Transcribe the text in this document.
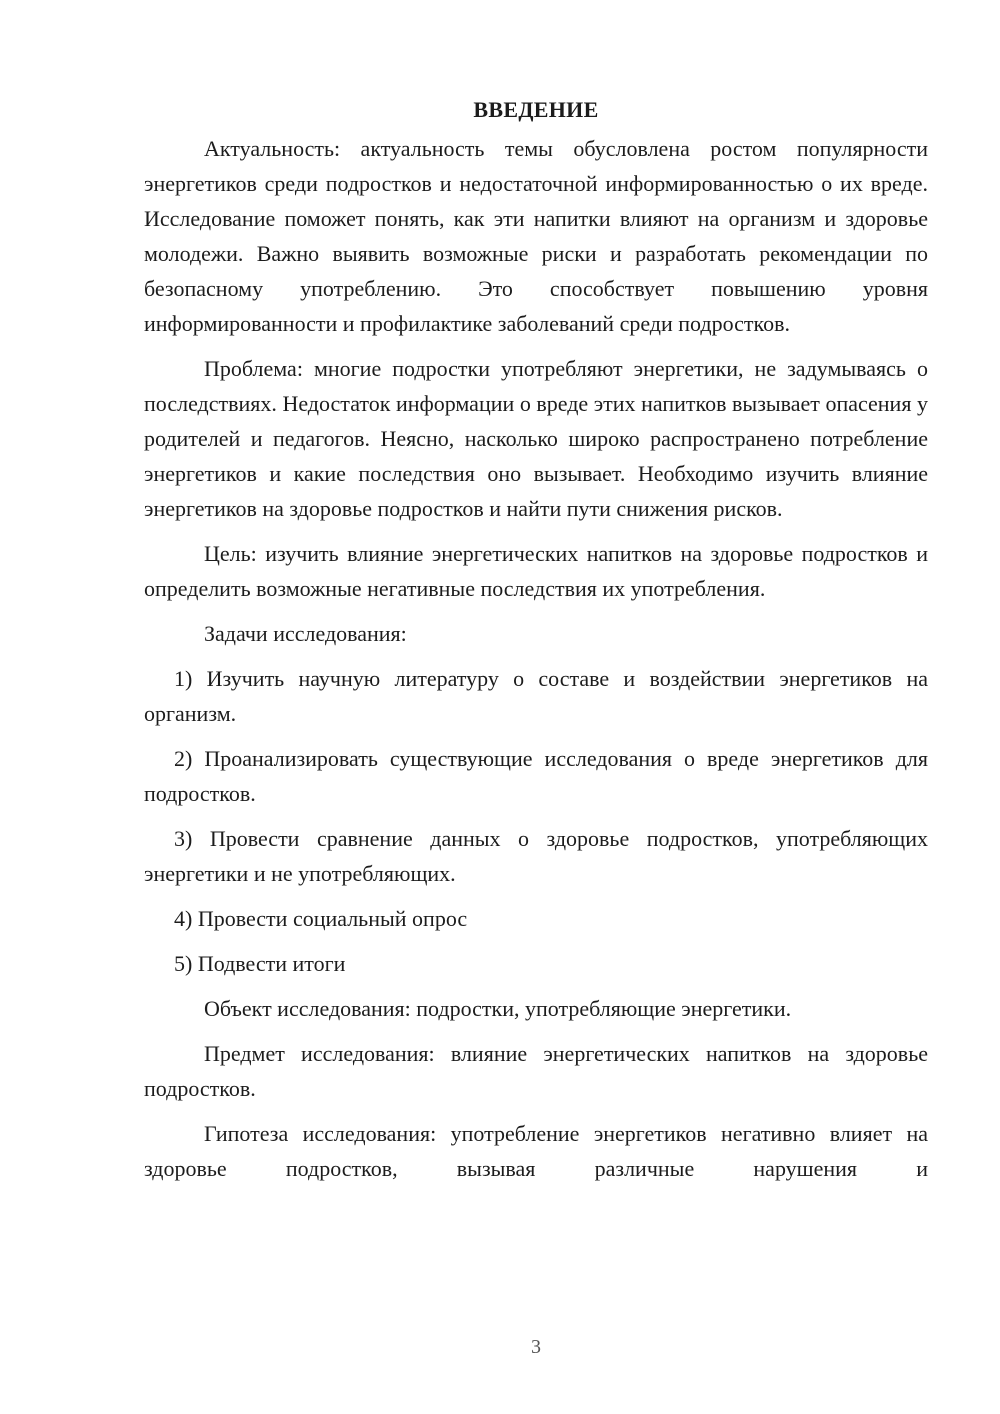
ВВЕДЕНИЕ

Актуальность: актуальность темы обусловлена ростом популярности энергетиков среди подростков и недостаточной информированностью о их вреде. Исследование поможет понять, как эти напитки влияют на организм и здоровье молодежи. Важно выявить возможные риски и разработать рекомендации по безопасному употреблению. Это способствует повышению уровня информированности и профилактике заболеваний среди подростков.

Проблема: многие подростки употребляют энергетики, не задумываясь о последствиях. Недостаток информации о вреде этих напитков вызывает опасения у родителей и педагогов. Неясно, насколько широко распространено потребление энергетиков и какие последствия оно вызывает. Необходимо изучить влияние энергетиков на здоровье подростков и найти пути снижения рисков.

Цель: изучить влияние энергетических напитков на здоровье подростков и определить возможные негативные последствия их употребления.

Задачи исследования:

1) Изучить научную литературу о составе и воздействии энергетиков на организм.

2) Проанализировать существующие исследования о вреде энергетиков для подростков.

3) Провести сравнение данных о здоровье подростков, употребляющих энергетики и не употребляющих.

4) Провести социальный опрос

5) Подвести итоги

Объект исследования: подростки, употребляющие энергетики.

Предмет исследования: влияние энергетических напитков на здоровье подростков.

Гипотеза исследования: употребление энергетиков негативно влияет на здоровье подростков, вызывая различные нарушения и

3
